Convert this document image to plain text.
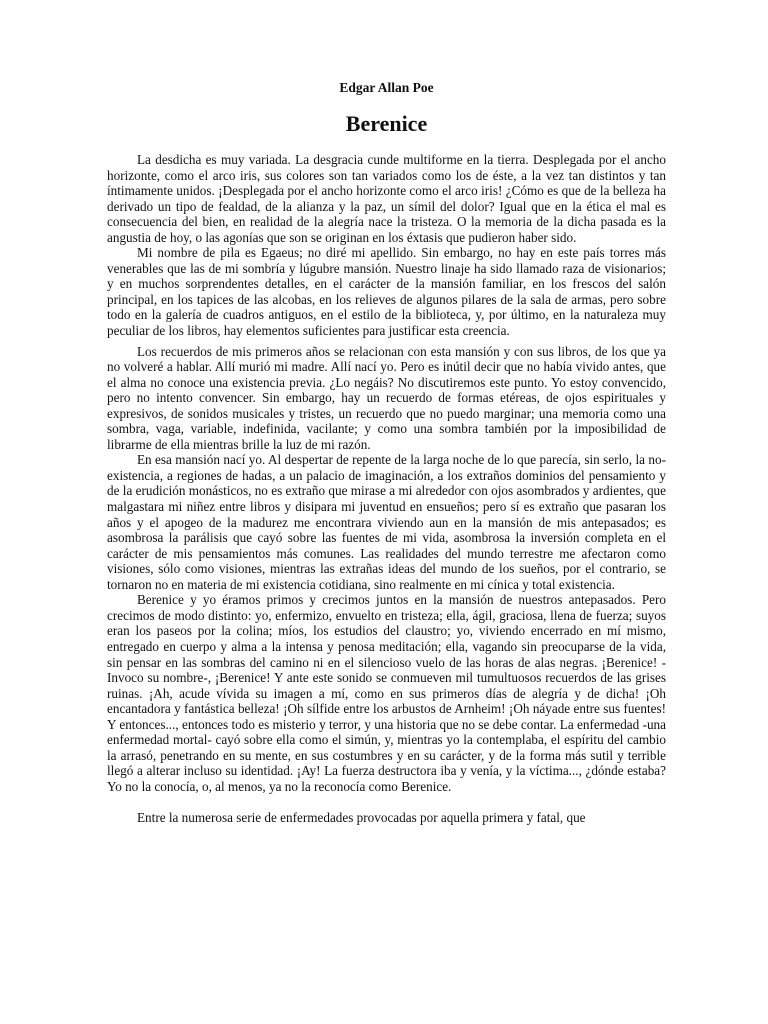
Edgar Allan Poe
Berenice

La desdicha es muy variada. La desgracia cunde multiforme en la tierra. Desplegada por el ancho horizonte, como el arco iris, sus colores son tan variados como los de éste, a la vez tan distintos y tan íntimamente unidos. ¡Desplegada por el ancho horizonte como el arco iris! ¿Cómo es que de la belleza ha derivado un tipo de fealdad, de la alianza y la paz, un símil del dolor? Igual que en la ética el mal es consecuencia del bien, en realidad de la alegría nace la tristeza. O la memoria de la dicha pasada es la angustia de hoy, o las agonías que son se originan en los éxtasis que pudieron haber sido.

Mi nombre de pila es Egaeus; no diré mi apellido. Sin embargo, no hay en este país torres más venerables que las de mi sombría y lúgubre mansión. Nuestro linaje ha sido llamado raza de visionarios; y en muchos sorprendentes detalles, en el carácter de la mansión familiar, en los frescos del salón principal, en los tapices de las alcobas, en los relieves de algunos pilares de la sala de armas, pero sobre todo en la galería de cuadros antiguos, en el estilo de la biblioteca, y, por último, en la naturaleza muy peculiar de los libros, hay elementos suficientes para justificar esta creencia.

Los recuerdos de mis primeros años se relacionan con esta mansión y con sus libros, de los que ya no volveré a hablar. Allí murió mi madre. Allí nací yo. Pero es inútil decir que no había vivido antes, que el alma no conoce una existencia previa. ¿Lo negáis? No discutiremos este punto. Yo estoy convencido, pero no intento convencer. Sin embargo, hay un recuerdo de formas etéreas, de ojos espirituales y expresivos, de sonidos musicales y tristes, un recuerdo que no puedo marginar; una memoria como una sombra, vaga, variable, indefinida, vacilante; y como una sombra también por la imposibilidad de librarme de ella mientras brille la luz de mi razón.

En esa mansión nací yo. Al despertar de repente de la larga noche de lo que parecía, sin serlo, la no-existencia, a regiones de hadas, a un palacio de imaginación, a los extraños dominios del pensamiento y de la erudición monásticos, no es extraño que mirase a mi alrededor con ojos asombrados y ardientes, que malgastara mi niñez entre libros y disipara mi juventud en ensueños; pero sí es extraño que pasaran los años y el apogeo de la madurez me encontrara viviendo aun en la mansión de mis antepasados; es asombrosa la parálisis que cayó sobre las fuentes de mi vida, asombrosa la inversión completa en el carácter de mis pensamientos más comunes. Las realidades del mundo terrestre me afectaron como visiones, sólo como visiones, mientras las extrañas ideas del mundo de los sueños, por el contrario, se tornaron no en materia de mi existencia cotidiana, sino realmente en mi cínica y total existencia.

Berenice y yo éramos primos y crecimos juntos en la mansión de nuestros antepasados. Pero crecimos de modo distinto: yo, enfermizo, envuelto en tristeza; ella, ágil, graciosa, llena de fuerza; suyos eran los paseos por la colina; míos, los estudios del claustro; yo, viviendo encerrado en mí mismo, entregado en cuerpo y alma a la intensa y penosa meditación; ella, vagando sin preocuparse de la vida, sin pensar en las sombras del camino ni en el silencioso vuelo de las horas de alas negras. ¡Berenice! -Invoco su nombre-, ¡Berenice! Y ante este sonido se conmueven mil tumultuosos recuerdos de las grises ruinas. ¡Ah, acude vívida su imagen a mí, como en sus primeros días de alegría y de dicha! ¡Oh encantadora y fantástica belleza! ¡Oh sílfide entre los arbustos de Arnheim! ¡Oh náyade entre sus fuentes! Y entonces..., entonces todo es misterio y terror, y una historia que no se debe contar. La enfermedad -una enfermedad mortal- cayó sobre ella como el simún, y, mientras yo la contemplaba, el espíritu del cambio la arrasó, penetrando en su mente, en sus costumbres y en su carácter, y de la forma más sutil y terrible llegó a alterar incluso su identidad. ¡Ay! La fuerza destructora iba y venía, y la víctima..., ¿dónde estaba? Yo no la conocía, o, al menos, ya no la reconocía como Berenice.

Entre la numerosa serie de enfermedades provocadas por aquella primera y fatal, que
